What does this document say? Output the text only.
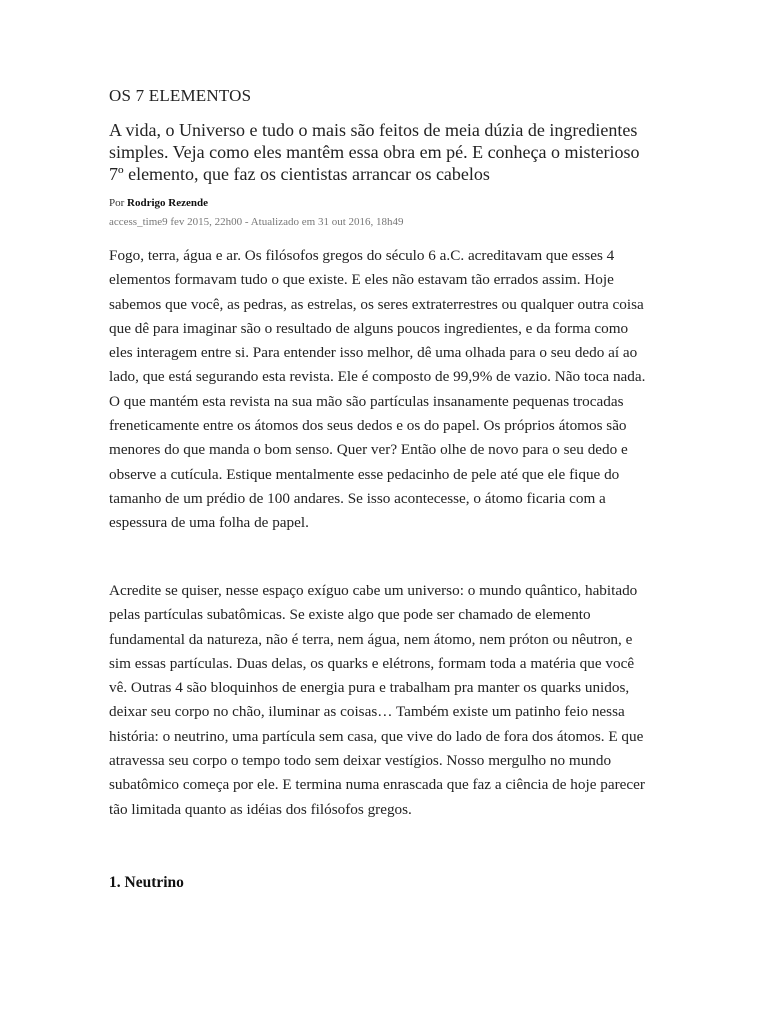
OS 7 ELEMENTOS
A vida, o Universo e tudo o mais são feitos de meia dúzia de ingredientes simples. Veja como eles mantêm essa obra em pé. E conheça o misterioso 7º elemento, que faz os cientistas arrancar os cabelos
Por Rodrigo Rezende
access_time9 fev 2015, 22h00 - Atualizado em 31 out 2016, 18h49

Fogo, terra, água e ar. Os filósofos gregos do século 6 a.C. acreditavam que esses 4 elementos formavam tudo o que existe. E eles não estavam tão errados assim. Hoje sabemos que você, as pedras, as estrelas, os seres extraterrestres ou qualquer outra coisa que dê para imaginar são o resultado de alguns poucos ingredientes, e da forma como eles interagem entre si. Para entender isso melhor, dê uma olhada para o seu dedo aí ao lado, que está segurando esta revista. Ele é composto de 99,9% de vazio. Não toca nada. O que mantém esta revista na sua mão são partículas insanamente pequenas trocadas freneticamente entre os átomos dos seus dedos e os do papel. Os próprios átomos são menores do que manda o bom senso. Quer ver? Então olhe de novo para o seu dedo e observe a cutícula. Estique mentalmente esse pedacinho de pele até que ele fique do tamanho de um prédio de 100 andares. Se isso acontecesse, o átomo ficaria com a espessura de uma folha de papel.

Acredite se quiser, nesse espaço exíguo cabe um universo: o mundo quântico, habitado pelas partículas subatômicas. Se existe algo que pode ser chamado de elemento fundamental da natureza, não é terra, nem água, nem átomo, nem próton ou nêutron, e sim essas partículas. Duas delas, os quarks e elétrons, formam toda a matéria que você vê. Outras 4 são bloquinhos de energia pura e trabalham pra manter os quarks unidos, deixar seu corpo no chão, iluminar as coisas… Também existe um patinho feio nessa história: o neutrino, uma partícula sem casa, que vive do lado de fora dos átomos. E que atravessa seu corpo o tempo todo sem deixar vestígios. Nosso mergulho no mundo subatômico começa por ele. E termina numa enrascada que faz a ciência de hoje parecer tão limitada quanto as idéias dos filósofos gregos.

1. Neutrino
